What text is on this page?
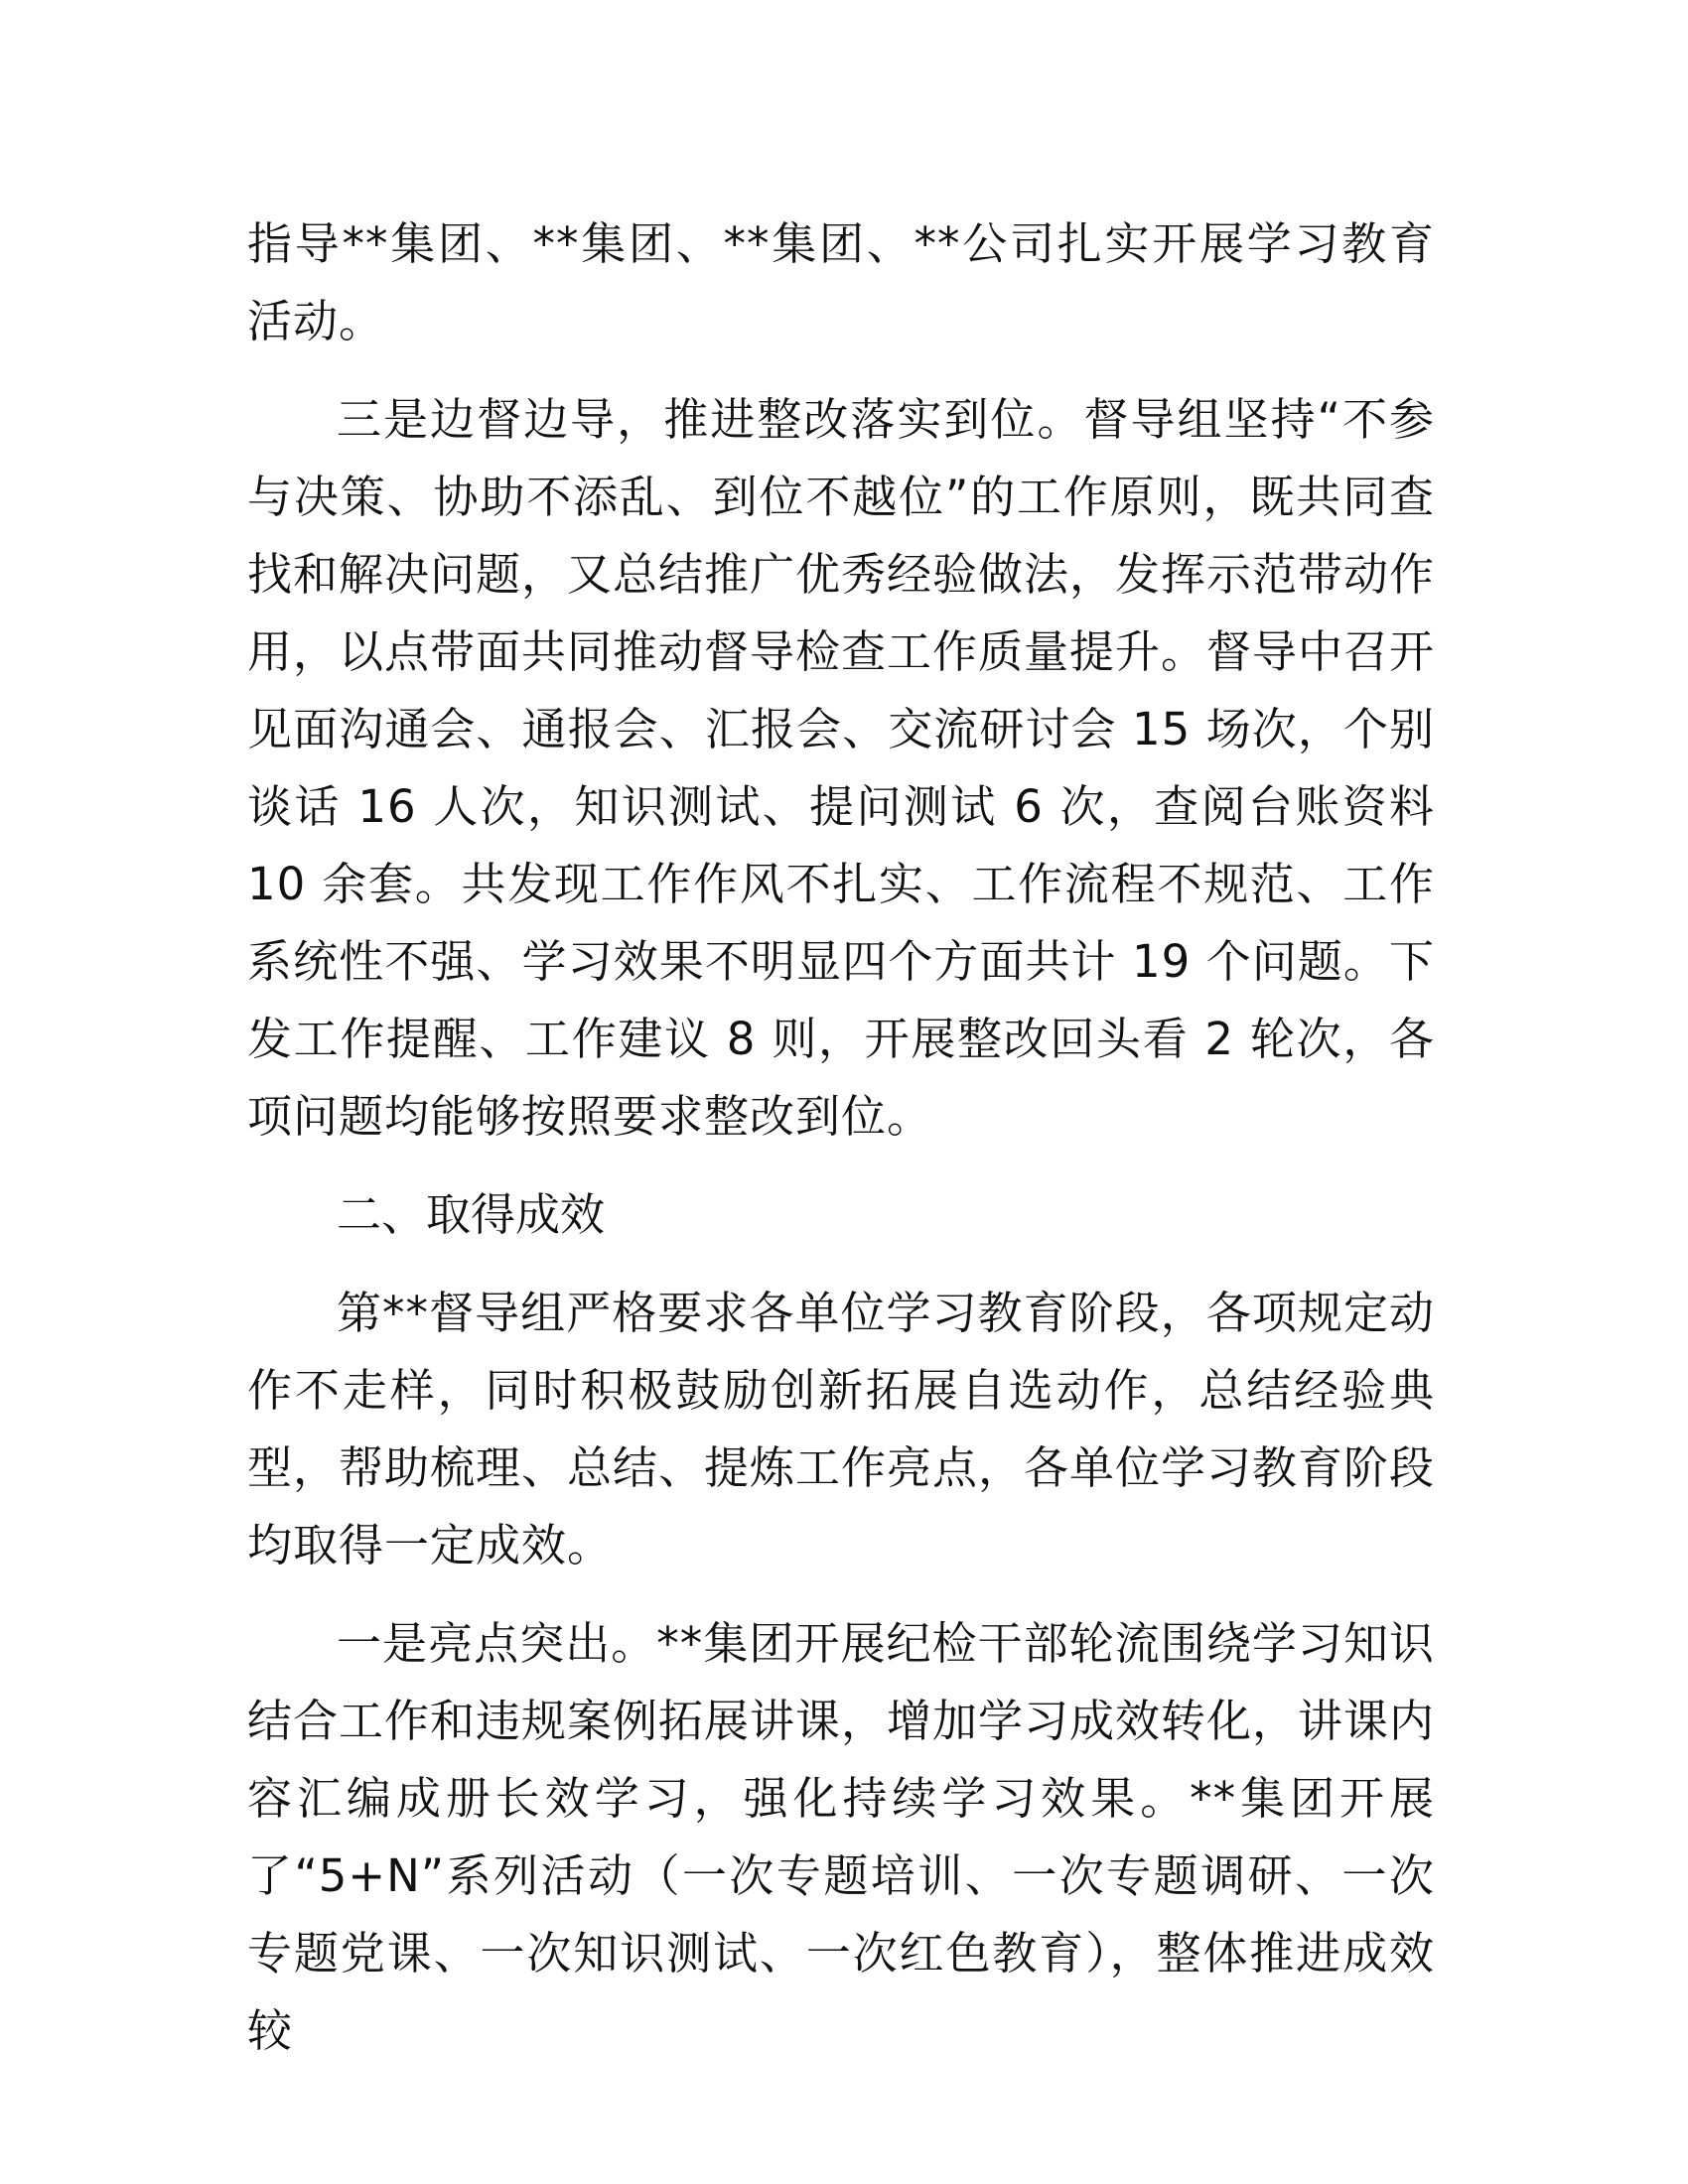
指导**集团、**集团、**集团、**公司扎实开展学习教育活动。

三是边督边导，推进整改落实到位。督导组坚持“不参与决策、协助不添乱、到位不越位”的工作原则，既共同查找和解决问题，又总结推广优秀经验做法，发挥示范带动作用，以点带面共同推动督导检查工作质量提升。督导中召开见面沟通会、通报会、汇报会、交流研讨会 15 场次，个别谈话 16 人次，知识测试、提问测试 6 次，查阅台账资料 10 余套。共发现工作作风不扎实、工作流程不规范、工作系统性不强、学习效果不明显四个方面共计 19 个问题。下发工作提醒、工作建议 8 则，开展整改回头看 2 轮次，各项问题均能够按照要求整改到位。

二、取得成效

第**督导组严格要求各单位学习教育阶段，各项规定动作不走样，同时积极鼓励创新拓展自选动作，总结经验典型，帮助梳理、总结、提炼工作亮点，各单位学习教育阶段均取得一定成效。

一是亮点突出。**集团开展纪检干部轮流围绕学习知识结合工作和违规案例拓展讲课，增加学习成效转化，讲课内容汇编成册长效学习，强化持续学习效果。**集团开展了“5+N”系列活动（一次专题培训、一次专题调研、一次专题党课、一次知识测试、一次红色教育），整体推进成效较
